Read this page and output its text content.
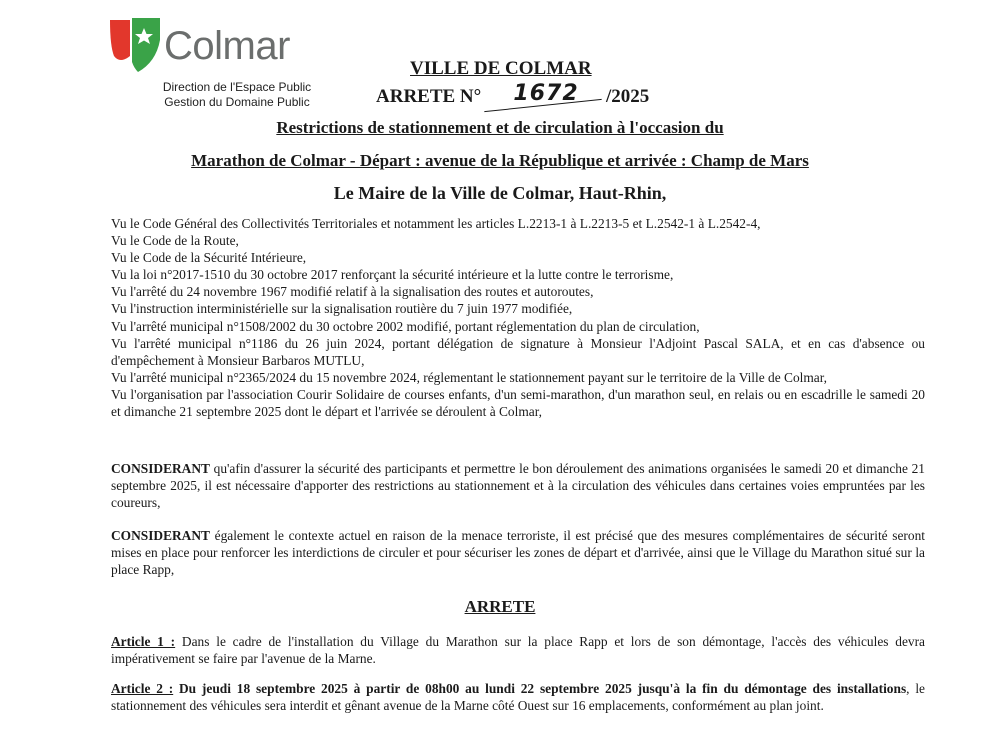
Colmar
Direction de l'Espace Public
Gestion du Domaine Public
VILLE DE COLMAR
ARRETE N° 1672 /2025
Restrictions de stationnement et de circulation à l'occasion du
Marathon de Colmar - Départ : avenue de la République et arrivée : Champ de Mars
Le Maire de la Ville de Colmar, Haut-Rhin,

Vu le Code Général des Collectivités Territoriales et notamment les articles L.2213-1 à L.2213-5 et L.2542-1 à L.2542-4,

Vu le Code de la Route,

Vu le Code de la Sécurité Intérieure,

Vu la loi n°2017-1510 du 30 octobre 2017 renforçant la sécurité intérieure et la lutte contre le terrorisme,

Vu l'arrêté du 24 novembre 1967 modifié relatif à la signalisation des routes et autoroutes,

Vu l'instruction interministérielle sur la signalisation routière du 7 juin 1977 modifiée,

Vu l'arrêté municipal n°1508/2002 du 30 octobre 2002 modifié, portant réglementation du plan de circulation,

Vu l'arrêté municipal n°1186 du 26 juin 2024, portant délégation de signature à Monsieur l'Adjoint Pascal SALA, et en cas d'absence ou d'empêchement à Monsieur Barbaros MUTLU,

Vu l'arrêté municipal n°2365/2024 du 15 novembre 2024, réglementant le stationnement payant sur le territoire de la Ville de Colmar,

Vu l'organisation par l'association Courir Solidaire de courses enfants, d'un semi-marathon, d'un marathon seul, en relais ou en escadrille le samedi 20 et dimanche 21 septembre 2025 dont le départ et l'arrivée se déroulent à Colmar,

CONSIDERANT qu'afin d'assurer la sécurité des participants et permettre le bon déroulement des animations organisées le samedi 20 et dimanche 21 septembre 2025, il est nécessaire d'apporter des restrictions au stationnement et à la circulation des véhicules dans certaines voies empruntées par les coureurs,

CONSIDERANT également le contexte actuel en raison de la menace terroriste, il est précisé que des mesures complémentaires de sécurité seront mises en place pour renforcer les interdictions de circuler et pour sécuriser les zones de départ et d'arrivée, ainsi que le Village du Marathon situé sur la place Rapp,

ARRETE

Article 1 : Dans le cadre de l'installation du Village du Marathon sur la place Rapp et lors de son démontage, l'accès des véhicules devra impérativement se faire par l'avenue de la Marne.

Article 2 : Du jeudi 18 septembre 2025 à partir de 08h00 au lundi 22 septembre 2025 jusqu'à la fin du démontage des installations, le stationnement des véhicules sera interdit et gênant avenue de la Marne côté Ouest sur 16 emplacements, conformément au plan joint.
